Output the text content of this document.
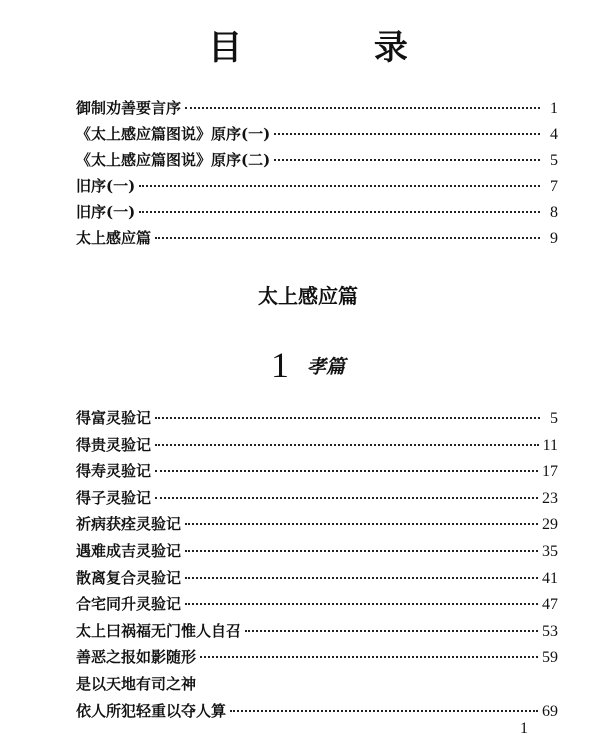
目 录
御制劝善要言序	1
《太上感应篇图说》原序(一)	4
《太上感应篇图说》原序(二)	5
旧序(一)	7
旧序(一)	8
太上感应篇	9
太上感应篇
1 孝篇
得富灵验记	5
得贵灵验记	11
得寿灵验记	17
得子灵验记	23
祈病获痊灵验记	29
遇难成吉灵验记	35
散离复合灵验记	41
合宅同升灵验记	47
太上曰祸福无门惟人自召	53
善恶之报如影随形	59
是以天地有司之神
依人所犯轻重以夺人算	69
1
